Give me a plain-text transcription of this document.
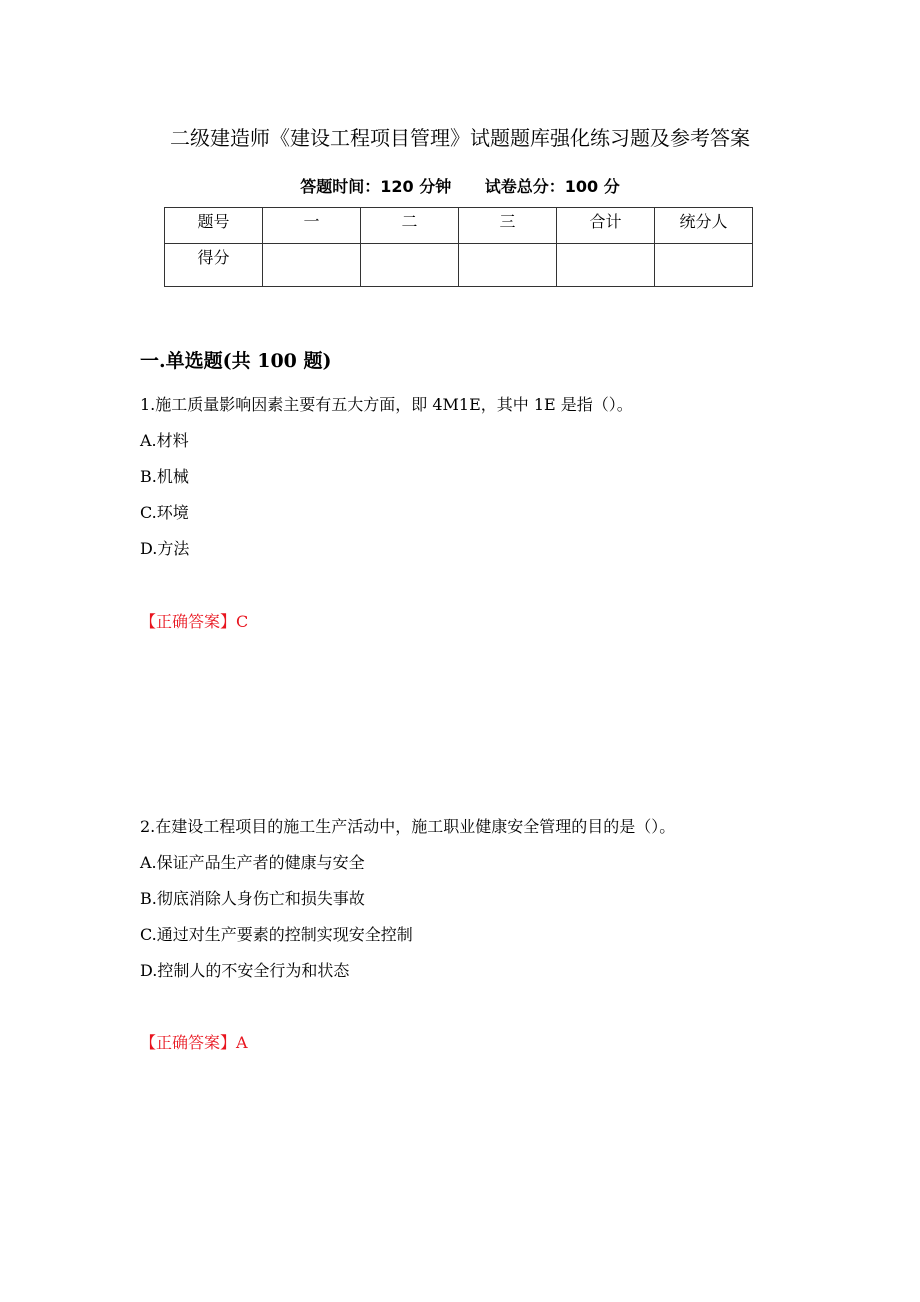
二级建造师《建设工程项目管理》试题题库强化练习题及参考答案
答题时间：120 分钟 试卷总分：100 分
题号	一	二	三	合计	统分人
得分					
一.单选题(共 100 题)
1.施工质量影响因素主要有五大方面，即 4M1E，其中 1E 是指（）。
A.材料
B.机械
C.环境
D.方法
【正确答案】C
2.在建设工程项目的施工生产活动中，施工职业健康安全管理的目的是（）。
A.保证产品生产者的健康与安全
B.彻底消除人身伤亡和损失事故
C.通过对生产要素的控制实现安全控制
D.控制人的不安全行为和状态
【正确答案】A
